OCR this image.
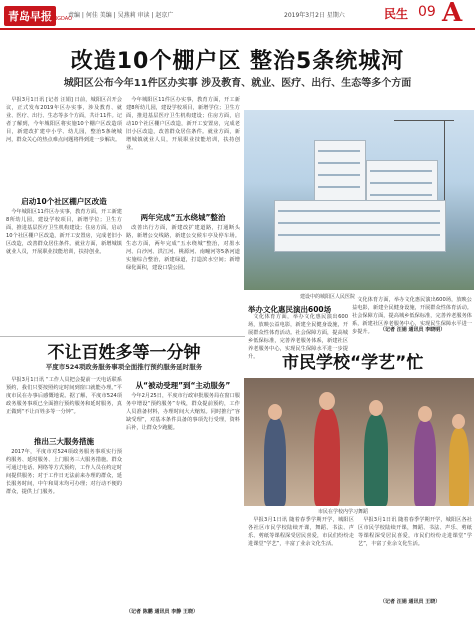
青岛早报
QINGDAO
责编 | 何佳 美编 | 吴燕莉 审读 | 赵京广	2019年3月2日 星期六	民生 09 A
改造10个棚户区 整治5条统城河
城阳区公布今年11件区办实事 涉及教育、就业、医疗、出行、生态等多个方面
早报3月1日讯 [记者 汪娟] 日前，城阳区召开会议，正式发布2019年区办实事，涉及教育、就业、医疗、出行、生态等多个方面，共计11件。记者了解到，今年城阳区将实施10个棚户区改造项目，新建改扩建中小学、幼儿园，整治5条统城河，群众关心的热点难点问题将得到进一步解决。
启动10个社区棚户区改造
今年城阳区11件区办实事，教育方面，开工新建8所幼儿园，建设学校项目，新增学位；卫生方面，推进基层医疗卫生机构建设；住房方面，启动10个社区棚户区改造，新开工安置房，完成老旧小区改造，改善群众居住条件。就业方面，新增城镇就业人员，开展职业技能培训，扶持创业。
今年城阳区11件区办实事，教育方面，开工新建8所幼儿园，建设学校项目，新增学位；卫生方面，推进基层医疗卫生机构建设；住房方面，启动10个社区棚户区改造，新开工安置房，完成老旧小区改造，改善群众居住条件。就业方面，新增城镇就业人员，开展职业技能培训，扶持创业。
两年完成“五水绕城”整治
改善出行方面，新建改扩建道路，打通断头路，新增公交线路，新建公交候车亭及停车场。生态方面，两年完成“五水绕城”整治，对墨水河、白沙河、洪江河、桃源河、南疃河等5条河道实施综合整治，新建绿道，打造滨水空间；新增绿化面积，建设口袋公园。
建设中的城阳区人民医院
举办文化惠民演出600场
文化体育方面，举办文化惠民演出600场，放映公益电影，新建全民健身设施，开展群众性体育活动。社会保障方面，提高城乡低保标准，完善养老服务体系，新建社区养老服务中心，实现民生保障水平进一步提升。
文化体育方面，举办文化惠民演出600场，放映公益电影，新建全民健身设施，开展群众性体育活动。社会保障方面，提高城乡低保标准，完善养老服务体系，新建社区养老服务中心，实现民生保障水平进一步提升。	（记者 汪娟 通讯员 李晓明）
不让百姓多等一分钟
平度市524项政务服务事项全面推行预约服务延时服务
早报3月1日讯 “工作人员把会提前一天电话联系预约，我们只要按照约定时间到窗口就能办理。”平度市民在办事后感慨地说。据了解，平度市524项政务服务事项已全面推行预约服务和延时服务，真正做到“不让百姓多等一分钟”。
推出三大服务措施
2017年，平度市对524项政务服务事项实行预约服务、延时服务、上门服务三大服务措施。群众可通过电话、网络等方式预约，工作人员在约定时间提供服务；对于工作日无法前来办理的群众，延长服务时间，中午和周末均可办理；对行动不便的群众，提供上门服务。
从“被动受理”到“主动服务”
今年2月25日，平度市行政审批服务局在窗口服务中增设“预约服务”专线，群众提前预约，工作人员准备材料，办理时间大大缩短。同时推行“容缺受理”，对基本条件具备的事项先行受理，资料后补，让群众少跑腿。
（记者 陈鹏 通讯员 李静 王晓）
市民学校“学艺”忙
市民在学校内学习舞蹈
早报3月1日讯 随着春季学期开学，城阳区各社区市民学校陆续开课，舞蹈、书法、声乐、剪纸等课程深受居民喜爱，市民们纷纷走进课堂“学艺”，丰富了业余文化生活。
早报3月1日讯 随着春季学期开学，城阳区各社区市民学校陆续开课，舞蹈、书法、声乐、剪纸等课程深受居民喜爱，市民们纷纷走进课堂“学艺”，丰富了业余文化生活。
（记者 汪娟 通讯员 王晓）
